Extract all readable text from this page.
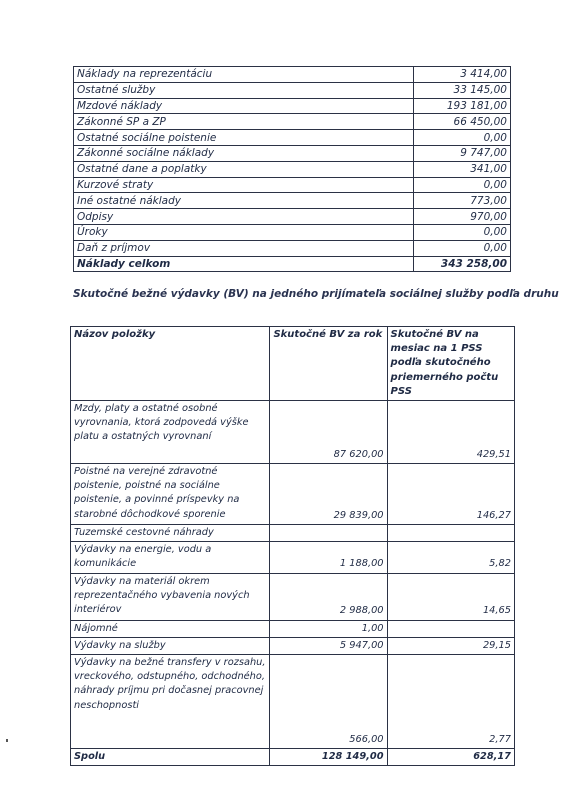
Náklady na reprezentáciu	3 414,00
Ostatné služby	33 145,00
Mzdové náklady	193 181,00
Zákonné SP a ZP	66 450,00
Ostatné sociálne poistenie	0,00
Zákonné sociálne náklady	9 747,00
Ostatné dane a poplatky	341,00
Kurzové straty	0,00
Iné ostatné náklady	773,00
Odpisy	970,00
Úroky	0,00
Daň z príjmov	0,00
Náklady celkom	343 258,00
Skutočné bežné výdavky (BV) na jedného prijímateľa sociálnej služby podľa druhu
Názov položky	Skutočné BV za rok	Skutočné BV na mesiac na 1 PSS podľa skutočného priemerného počtu PSS
Mzdy, platy a ostatné osobné vyrovnania, ktorá zodpovedá výške platu a ostatných vyrovnaní	87 620,00	429,51
Poistné na verejné zdravotné poistenie, poistné na sociálne poistenie, a povinné príspevky na starobné dôchodkové sporenie	29 839,00	146,27
Tuzemské cestovné náhrady		
Výdavky na energie, vodu a komunikácie	1 188,00	5,82
Výdavky na materiál okrem reprezentačného vybavenia nových interiérov	2 988,00	14,65
Nájomné	1,00	
Výdavky na služby	5 947,00	29,15
Výdavky na bežné transfery v rozsahu, vreckového, odstupného, odchodného, náhrady príjmu pri dočasnej pracovnej neschopnosti	566,00	2,77
Spolu	128 149,00	628,17
